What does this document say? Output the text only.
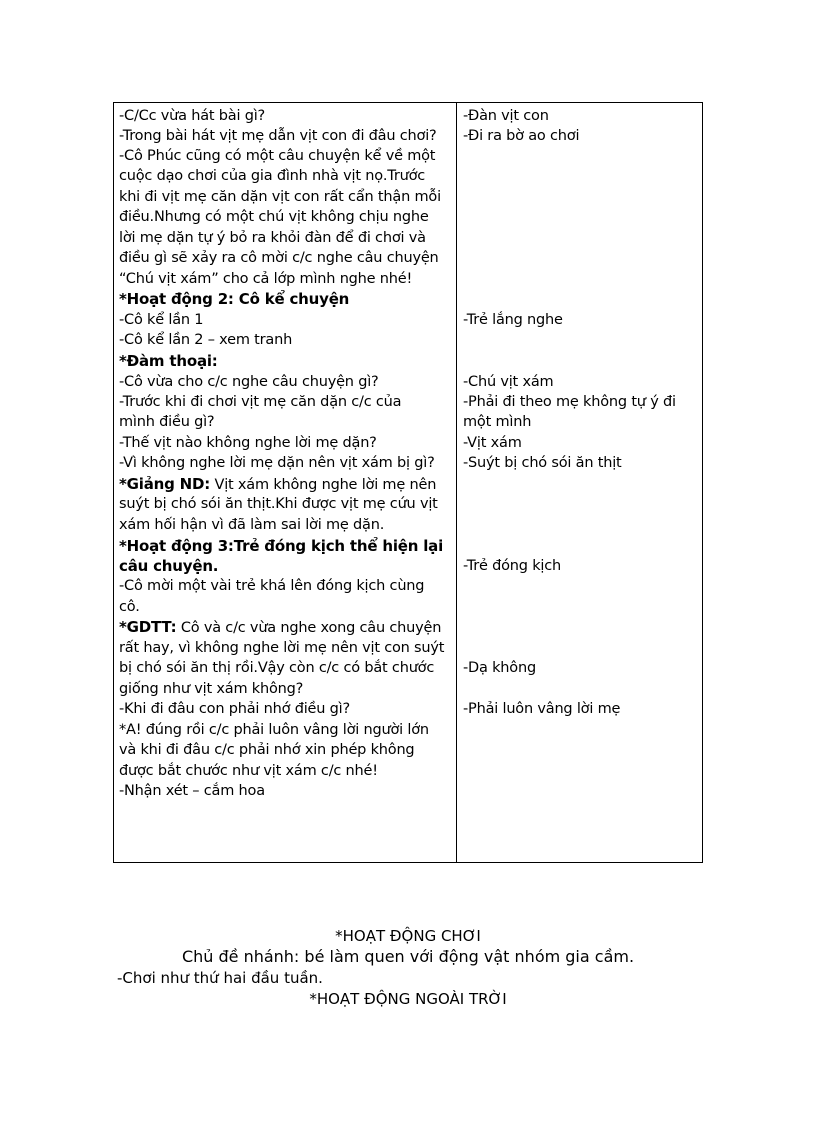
-C/Cc vừa hát bài gì?
-Trong bài hát vịt mẹ dẫn vịt con đi đâu chơi?
-Cô Phúc cũng có một câu chuyện kể về một
cuộc dạo chơi của gia đình nhà vịt nọ.Trước
khi đi vịt mẹ căn dặn vịt con rất cẩn thận mỗi
điều.Nhưng có một chú vịt không chịu nghe
lời mẹ dặn tự ý bỏ ra khỏi đàn để đi chơi và
điều gì sẽ xảy ra cô mời c/c nghe câu chuyện
“Chú vịt xám” cho cả lớp mình nghe nhé!
*Hoạt động 2: Cô kể chuyện
-Cô kể lần 1
-Cô kể lần 2 – xem tranh
*Đàm thoại:
-Cô vừa cho c/c nghe câu chuyện gì?
-Trước khi đi chơi vịt mẹ căn dặn c/c của
mình điều gì?
-Thế vịt nào không nghe lời mẹ dặn?
-Vì không nghe lời mẹ dặn nên vịt xám bị gì?
*Giảng ND: Vịt xám không nghe lời mẹ nên
suýt bị chó sói ăn thịt.Khi được vịt mẹ cứu vịt
xám hối hận vì đã làm sai lời mẹ dặn.
*Hoạt động 3:Trẻ đóng kịch thể hiện lại
câu chuyện.
-Cô mời một vài trẻ khá lên đóng kịch cùng
cô.
*GDTT: Cô và c/c vừa nghe xong câu chuyện
rất hay, vì không nghe lời mẹ nên vịt con suýt
bị chó sói ăn thị rồi.Vậy còn c/c có bắt chước
giống như vịt xám không?
-Khi đi đâu con phải nhớ điều gì?
*A! đúng rồi c/c phải luôn vâng lời người lớn
và khi đi đâu c/c phải nhớ xin phép không
được bắt chước như vịt xám c/c nhé!
-Nhận xét – cắm hoa
-Đàn vịt con
-Đi ra bờ ao chơi
-Trẻ lắng nghe
-Chú vịt xám
-Phải đi theo mẹ không tự ý đi
một mình
-Vịt xám
-Suýt bị chó sói ăn thịt
-Trẻ đóng kịch
-Dạ không
-Phải luôn vâng lời mẹ
*HOẠT ĐỘNG CHƠI
Chủ đề nhánh: bé làm quen với động vật nhóm gia cầm.
-Chơi như thứ hai đầu tuần.
*HOẠT ĐỘNG NGOÀI TRỜI
